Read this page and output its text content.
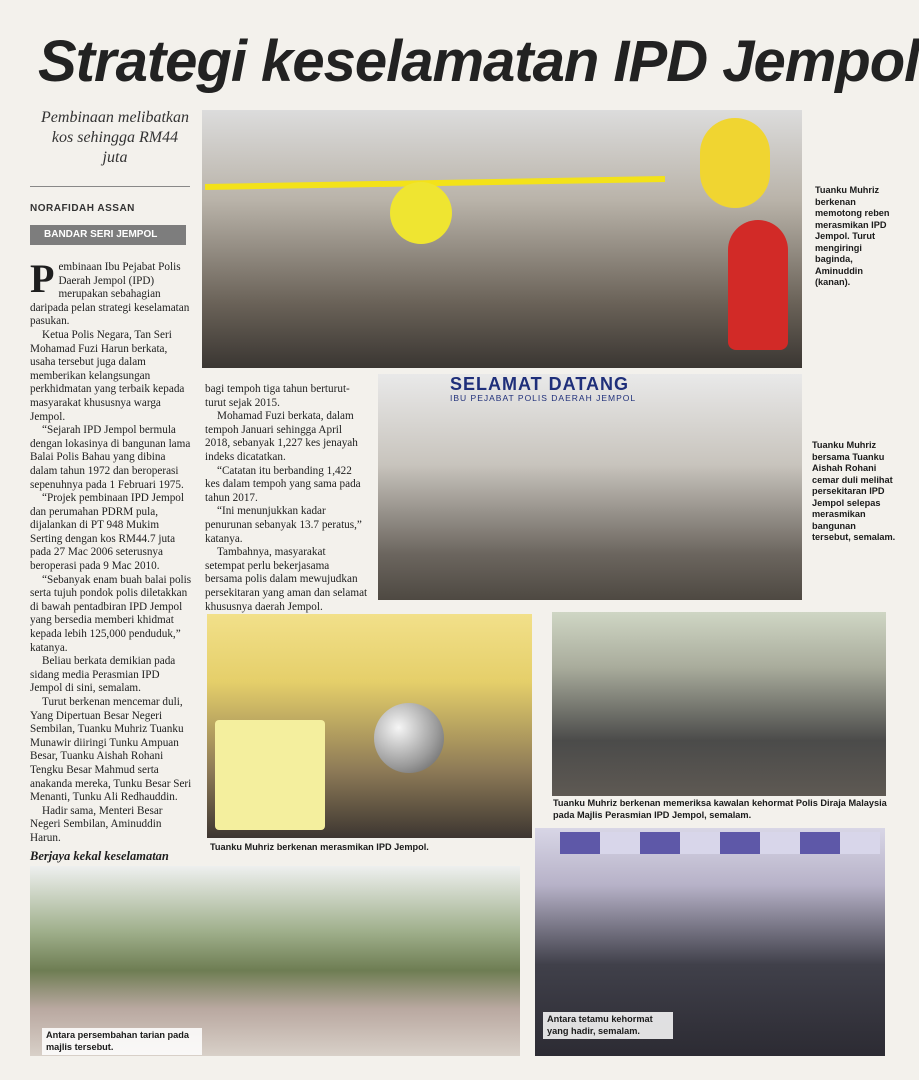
Strategi keselamatan IPD Jempol
Pembinaan melibatkan kos sehingga RM44 juta
NORAFIDAH ASSAN
BANDAR SERI JEMPOL

Pembinaan Ibu Pejabat Polis Daerah Jempol (IPD) merupakan sebahagian daripada pelan strategi keselamatan pasukan.

Ketua Polis Negara, Tan Seri Mohamad Fuzi Harun berkata, usaha tersebut juga dalam memberikan kelangsungan perkhidmatan yang terbaik kepada masyarakat khususnya warga Jempol.

“Sejarah IPD Jempol bermula dengan lokasinya di bangunan lama Balai Polis Bahau yang dibina dalam tahun 1972 dan beroperasi sepenuhnya pada 1 Februari 1975.

“Projek pembinaan IPD Jempol dan perumahan PDRM pula, dijalankan di PT 948 Mukim Serting dengan kos RM44.7 juta pada 27 Mac 2006 seterusnya beroperasi pada 9 Mac 2010.

“Sebanyak enam buah balai polis serta tujuh pondok polis diletakkan di bawah pentadbiran IPD Jempol yang bersedia memberi khidmat kepada lebih 125,000 penduduk,” katanya.

Beliau berkata demikian pada sidang media Perasmian IPD Jempol di sini, semalam.

Turut berkenan mencemar duli, Yang Dipertuan Besar Negeri Sembilan, Tuanku Muhriz Tuanku Munawir diiringi Tunku Ampuan Besar, Tuanku Aishah Rohani Tengku Besar Mahmud serta anakanda mereka, Tunku Besar Seri Menanti, Tunku Ali Redhauddin.

Hadir sama, Menteri Besar Negeri Sembilan, Aminuddin Harun.

Berjaya kekal keselamatan

bagi tempoh tiga tahun berturut-turut sejak 2015.

Mohamad Fuzi berkata, dalam tempoh Januari sehingga April 2018, sebanyak 1,227 kes jenayah indeks dicatatkan.

“Catatan itu berbanding 1,422 kes dalam tempoh yang sama pada tahun 2017.

“Ini menunjukkan kadar penurunan sebanyak 13.7 peratus,” katanya.

Tambahnya, masyarakat setempat perlu bekerjasama bersama polis dalam mewujudkan persekitaran yang aman dan selamat khususnya daerah Jempol.

SELAMAT DATANG
IBU PEJABAT POLIS DAERAH JEMPOL
Tuanku Muhriz berkenan memotong reben merasmikan IPD Jempol. Turut mengiringi baginda, Aminuddin (kanan).
Tuanku Muhriz bersama Tuanku Aishah Rohani cemar duli melihat persekitaran IPD Jempol selepas merasmikan bangunan tersebut, semalam.
Tuanku Muhriz berkenan merasmikan IPD Jempol.
Tuanku Muhriz berkenan memeriksa kawalan kehormat Polis Diraja Malaysia pada Majlis Perasmian IPD Jempol, semalam.
Antara persembahan tarian pada majlis tersebut.
Antara tetamu kehormat yang hadir, semalam.
